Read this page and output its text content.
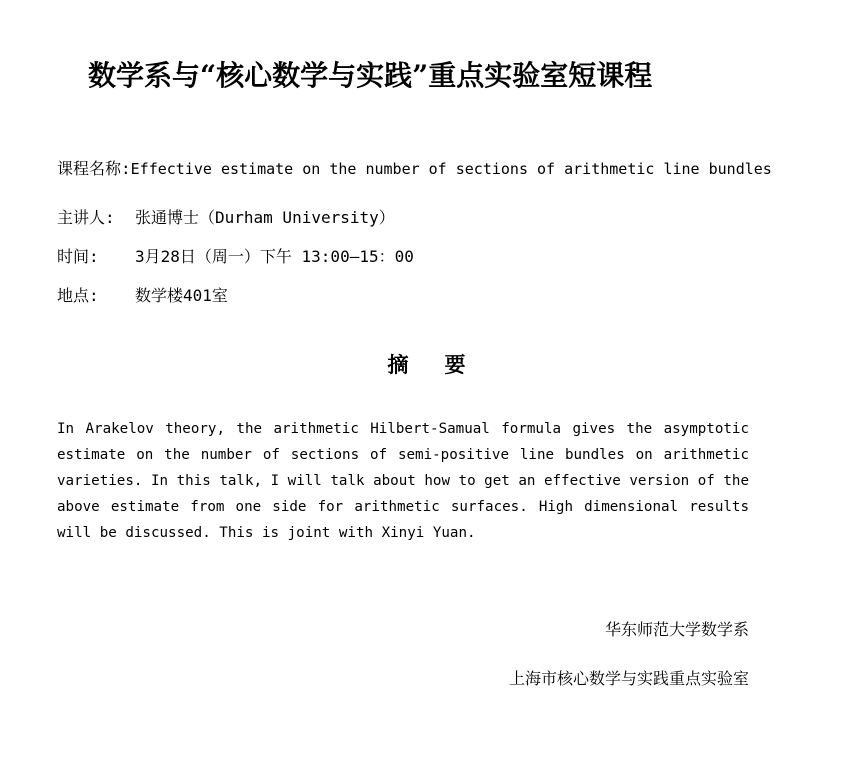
数学系与“核心数学与实践”重点实验室短课程
课程名称:Effective estimate on the number of sections of arithmetic line bundles
主讲人: 张通博士（Durham University）
时间: 3月28日（周一）下午 13:00—15：00
地点: 数学楼401室
摘要
In Arakelov theory, the arithmetic Hilbert-Samual formula gives the asymptotic estimate on the number of sections of semi-positive line bundles on arithmetic varieties. In this talk, I will talk about how to get an effective version of the above estimate from one side for arithmetic surfaces. High dimensional results will be discussed. This is joint with Xinyi Yuan.
华东师范大学数学系
上海市核心数学与实践重点实验室
